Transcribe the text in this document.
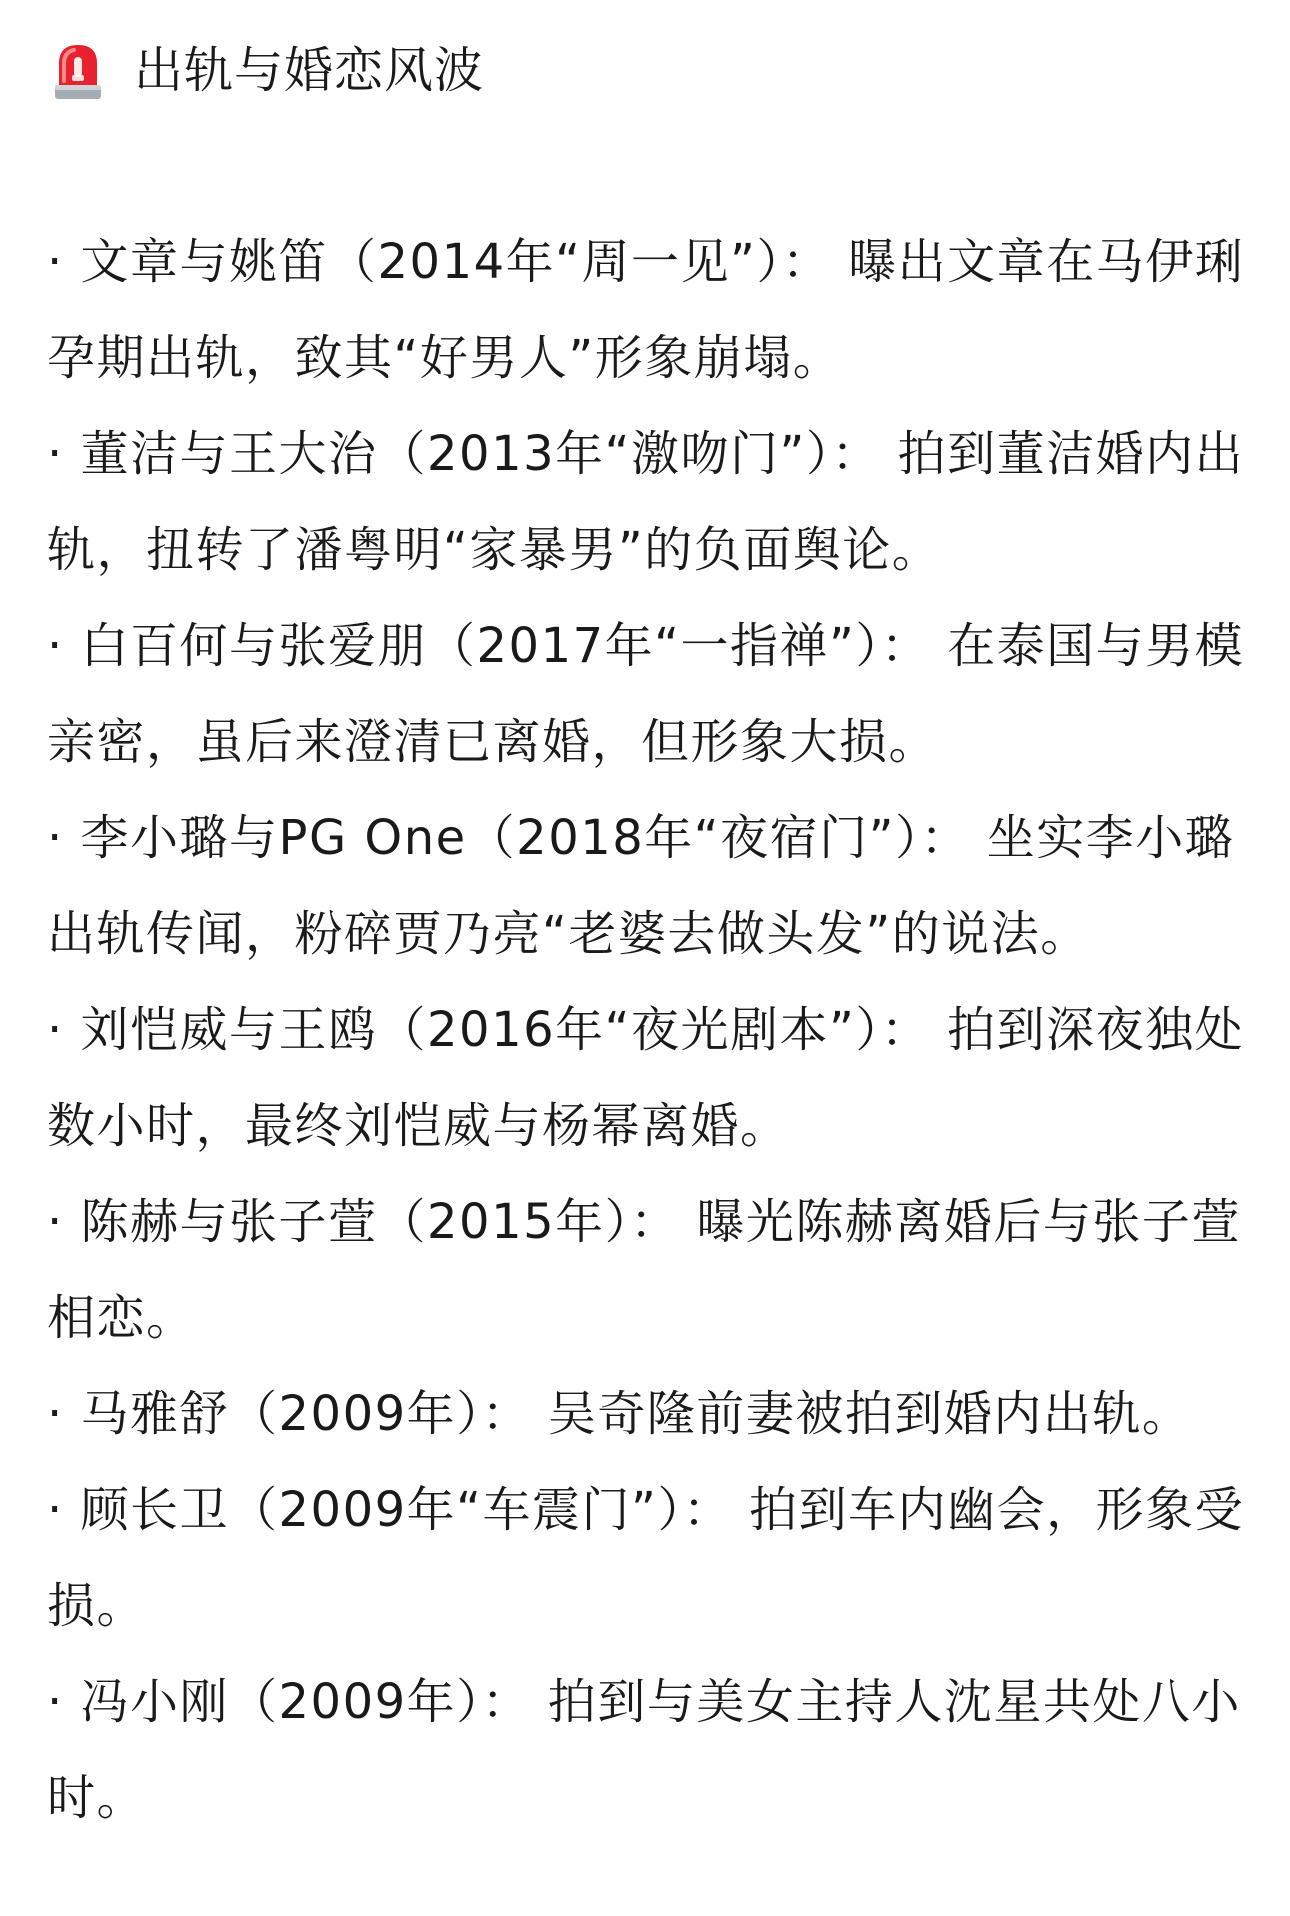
出轨与婚恋风波

· 文章与姚笛（2014年“周一见”）： 曝出文章在马伊琍孕期出轨，致其“好男人”形象崩塌。

· 董洁与王大治（2013年“激吻门”）： 拍到董洁婚内出轨，扭转了潘粤明“家暴男”的负面舆论。

· 白百何与张爱朋（2017年“一指禅”）： 在泰国与男模亲密，虽后来澄清已离婚，但形象大损。

· 李小璐与PG One（2018年“夜宿门”）： 坐实李小璐出轨传闻，粉碎贾乃亮“老婆去做头发”的说法。

· 刘恺威与王鸥（2016年“夜光剧本”）： 拍到深夜独处数小时，最终刘恺威与杨幂离婚。

· 陈赫与张子萱（2015年）： 曝光陈赫离婚后与张子萱相恋。

· 马雅舒（2009年）： 吴奇隆前妻被拍到婚内出轨。

· 顾长卫（2009年“车震门”）： 拍到车内幽会，形象受损。

· 冯小刚（2009年）： 拍到与美女主持人沈星共处八小时。
